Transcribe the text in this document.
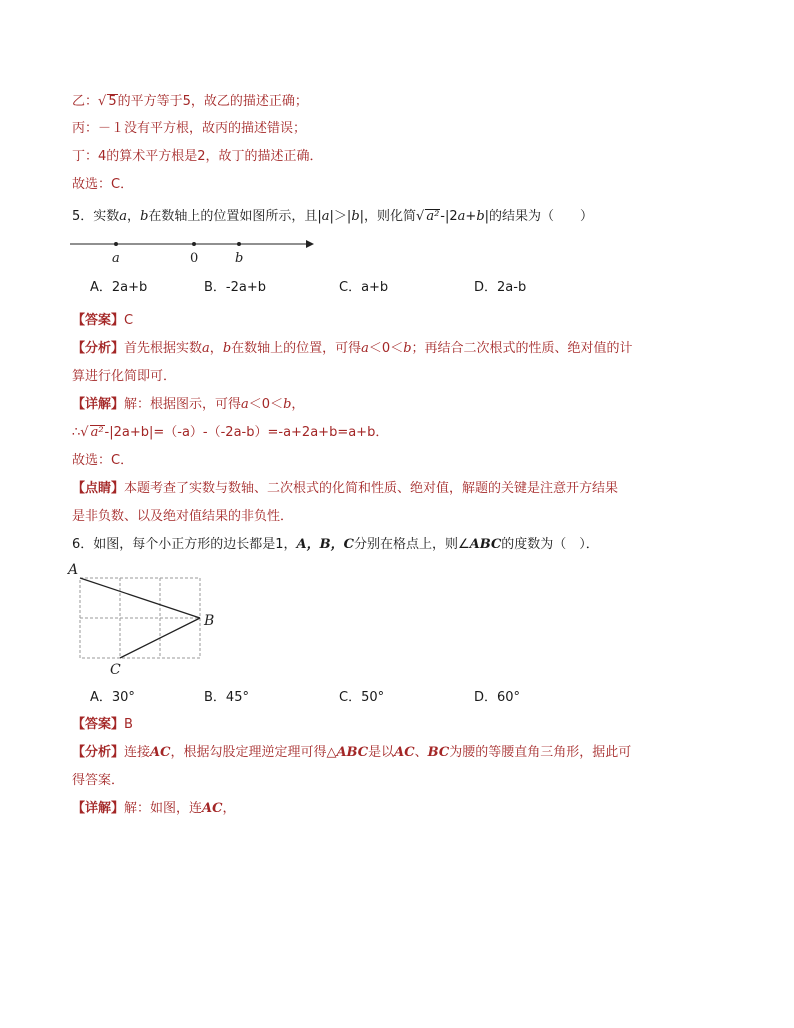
乙：√ 5的平方等于5，故乙的描述正确；
丙：－１没有平方根，故丙的描述错误；
丁：4的算术平方根是2，故丁的描述正确．
故选：C．
5．实数a，b在数轴上的位置如图所示，且|a|＞|b|，则化简√ a²-|2a+b|的结果为（　　）
a	0	b
A．2a+b	B．-2a+b	C．a+b	D．2a-b
【答案】C
【分析】首先根据实数a，b在数轴上的位置，可得a＜0＜b；再结合二次根式的性质、绝对值的计
算进行化简即可．
【详解】解：根据图示，可得a＜0＜b，
∴√ a²-|2a+b|=（-a）-（-2a-b）=-a+2a+b=a+b．
故选：C．
【点睛】本题考查了实数与数轴、二次根式的化简和性质、绝对值，解题的关键是注意开方结果
是非负数、以及绝对值结果的非负性．
6．如图，每个小正方形的边长都是1，A，B，C分别在格点上，则∠ABC的度数为（　）．
A
B
C
A．30°	B．45°	C．50°	D．60°
【答案】B
【分析】连接AC，根据勾股定理逆定理可得△ABC是以AC、BC为腰的等腰直角三角形，据此可
得答案．
【详解】解：如图，连AC，
